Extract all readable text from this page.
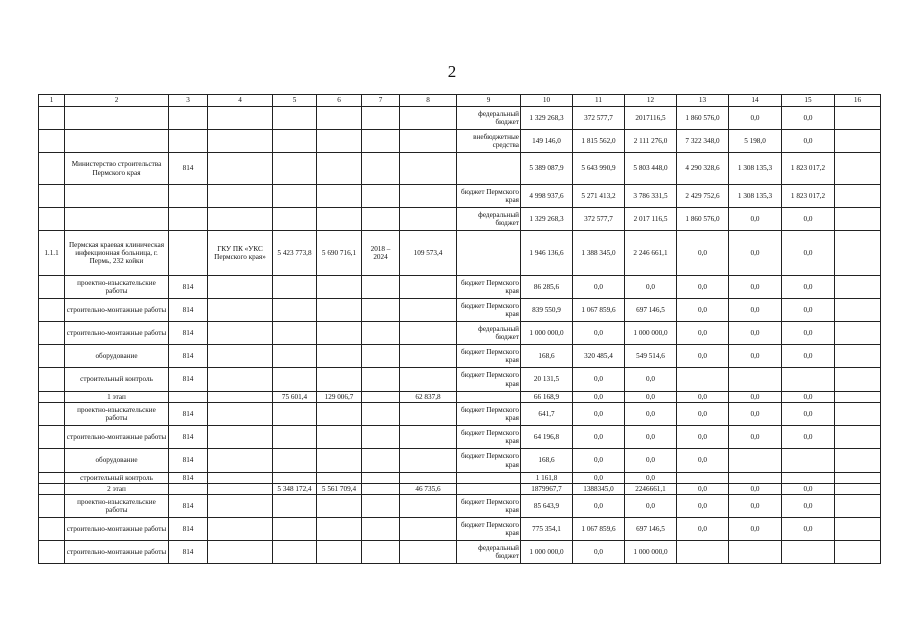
2
1	2	3	4	5	6	7	8	9	10	11	12	13	14	15	16
								федеральный бюджет	1 329 268,3	372 577,7	2017116,5	1 860 576,0	0,0	0,0	
								внебюджетные средства	149 146,0	1 815 562,0	2 111 276,0	7 322 348,0	5 198,0	0,0	
	Министерство строительства Пермского края	814							5 389 087,9	5 643 990,9	5 803 448,0	4 290 328,6	1 308 135,3	1 823 017,2	
								бюджет Пермского края	4 998 937,6	5 271 413,2	3 786 331,5	2 429 752,6	1 308 135,3	1 823 017,2	
								федеральный бюджет	1 329 268,3	372 577,7	2 017 116,5	1 860 576,0	0,0	0,0	
1.1.1	Пермская краевая клиническая инфекционная больница, г. Пермь, 232 койки		ГКУ ПК «УКС Пермского края»	5 423 773,8	5 690 716,1	2018 – 2024	109 573,4		1 946 136,6	1 388 345,0	2 246 661,1	0,0	0,0	0,0	
	проектно-изыскательские работы	814						бюджет Пермского края	86 285,6	0,0	0,0	0,0	0,0	0,0	
	строительно-монтажные работы	814						бюджет Пермского края	839 550,9	1 067 859,6	697 146,5	0,0	0,0	0,0	
	строительно-монтажные работы	814						федеральный бюджет	1 000 000,0	0,0	1 000 000,0	0,0	0,0	0,0	
	оборудование	814						бюджет Пермского края	168,6	320 485,4	549 514,6	0,0	0,0	0,0	
	строительный контроль	814						бюджет Пермского края	20 131,5	0,0	0,0				
	1 этап			75 601,4	129 006,7		62 837,8		66 168,9	0,0	0,0	0,0	0,0	0,0	
	проектно-изыскательские работы	814						бюджет Пермского края	641,7	0,0	0,0	0,0	0,0	0,0	
	строительно-монтажные работы	814						бюджет Пермского края	64 196,8	0,0	0,0	0,0	0,0	0,0	
	оборудование	814						бюджет Пермского края	168,6	0,0	0,0	0,0			
	строительный контроль	814							1 161,8	0,0	0,0				
	2 этап			5 348 172,4	5 561 709,4		46 735,6		1879967,7	1388345,0	2246661,1	0,0	0,0	0,0	
	проектно-изыскательские работы	814						бюджет Пермского края	85 643,9	0,0	0,0	0,0	0,0	0,0	
	строительно-монтажные работы	814						бюджет Пермского края	775 354,1	1 067 859,6	697 146,5	0,0	0,0	0,0	
	строительно-монтажные работы	814						федеральный бюджет	1 000 000,0	0,0	1 000 000,0				
